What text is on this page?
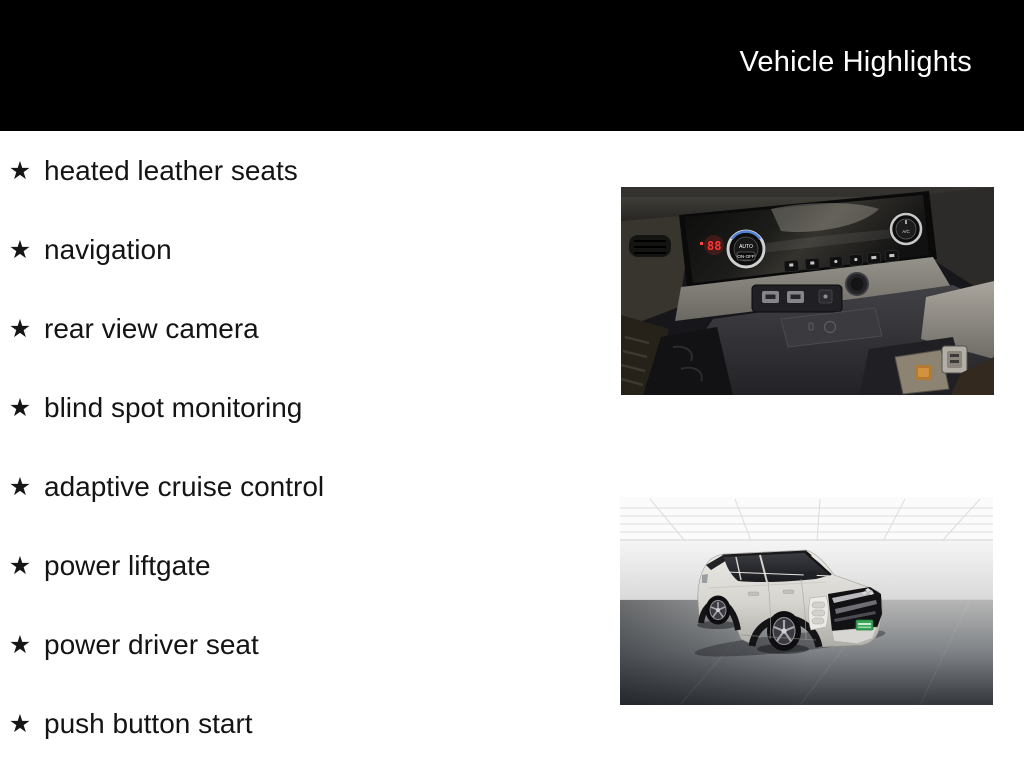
Vehicle Highlights
★ heated leather seats
★ navigation
★ rear view camera
★ blind spot monitoring
★ adaptive cruise control
★ power liftgate
★ power driver seat
★ push button start
88	AUTO
ON·OFF
A/C
